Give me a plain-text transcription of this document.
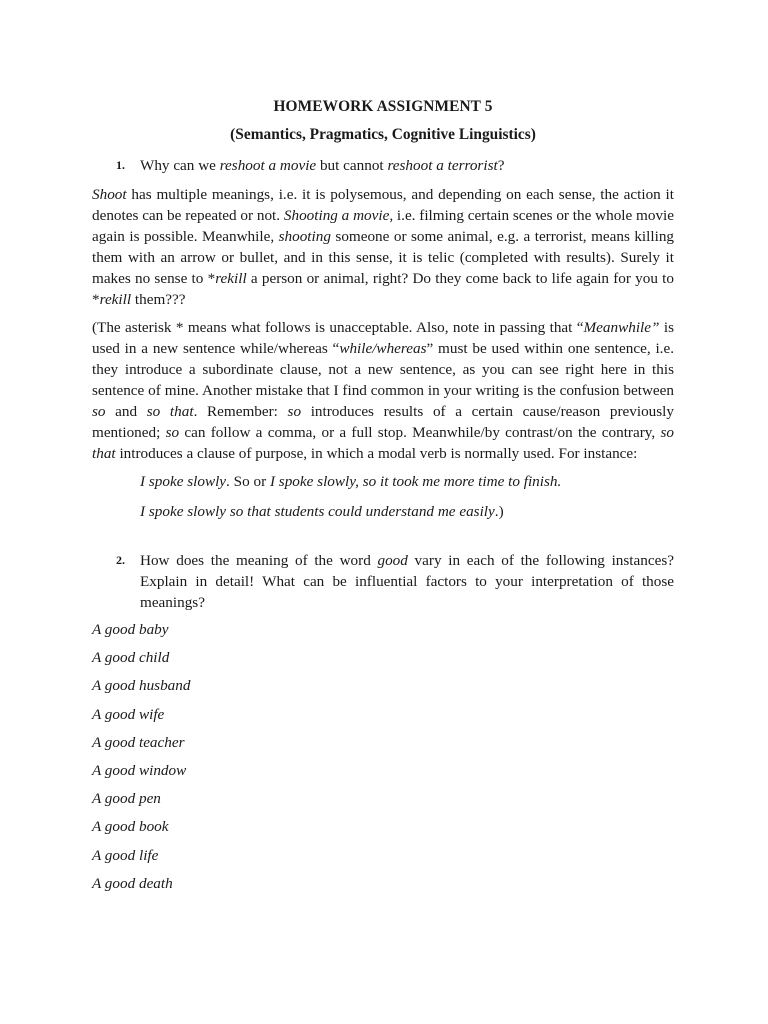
HOMEWORK ASSIGNMENT 5
(Semantics, Pragmatics, Cognitive Linguistics)
1. Why can we reshoot a movie but cannot reshoot a terrorist?

Shoot has multiple meanings, i.e. it is polysemous, and depending on each sense, the action it denotes can be repeated or not. Shooting a movie, i.e. filming certain scenes or the whole movie again is possible. Meanwhile, shooting someone or some animal, e.g. a terrorist, means killing them with an arrow or bullet, and in this sense, it is telic (completed with results). Surely it makes no sense to *rekill a person or animal, right? Do they come back to life again for you to *rekill them???

(The asterisk * means what follows is unacceptable. Also, note in passing that “Meanwhile” is used in a new sentence while/whereas “while/whereas” must be used within one sentence, i.e. they introduce a subordinate clause, not a new sentence, as you can see right here in this sentence of mine. Another mistake that I find common in your writing is the confusion between so and so that. Remember: so introduces results of a certain cause/reason previously mentioned; so can follow a comma, or a full stop. Meanwhile/by contrast/on the contrary, so that introduces a clause of purpose, in which a modal verb is normally used. For instance:

I spoke slowly. So or I spoke slowly, so it took me more time to finish.

I spoke slowly so that students could understand me easily.)

2. How does the meaning of the word good vary in each of the following instances? Explain in detail! What can be influential factors to your interpretation of those meanings?
A good baby
A good child
A good husband
A good wife
A good teacher
A good window
A good pen
A good book
A good life
A good death
